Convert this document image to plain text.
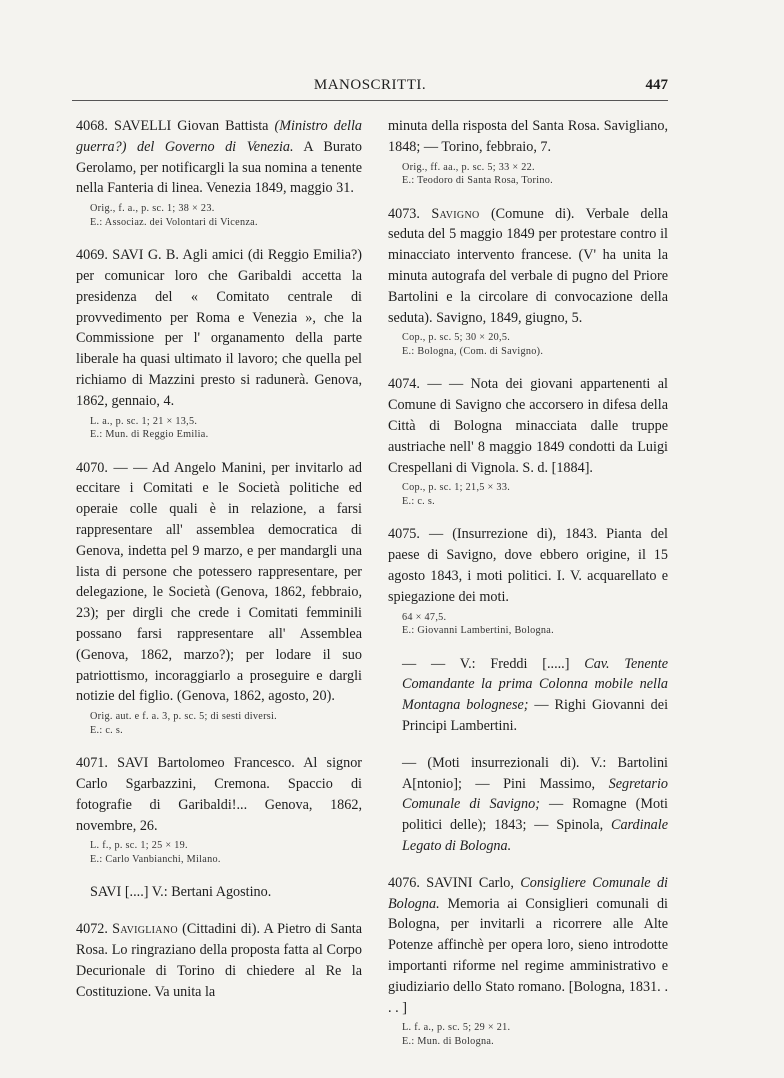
MANOSCRITTI.	447

4068. SAVELLI Giovan Battista (Ministro della guerra?) del Governo di Venezia. A Burato Gerolamo, per notificargli la sua nomina a tenente nella Fanteria di linea. Venezia 1849, maggio 31.

Orig., f. a., p. sc. 1; 38 × 23.
E.: Associaz. dei Volontari di Vicenza.

4069. SAVI G. B. Agli amici (di Reggio Emilia?) per comunicar loro che Garibaldi accetta la presidenza del « Comitato centrale di provvedimento per Roma e Venezia », che la Commissione per l' organamento della parte liberale ha quasi ultimato il lavoro; che quella pel richiamo di Mazzini presto si radunerà. Genova, 1862, gennaio, 4.

L. a., p. sc. 1; 21 × 13,5.
E.: Mun. di Reggio Emilia.

4070. — — Ad Angelo Manini, per invitarlo ad eccitare i Comitati e le Società politiche ed operaie colle quali è in relazione, a farsi rappresentare all' assemblea democratica di Genova, indetta pel 9 marzo, e per mandargli una lista di persone che potessero rappresentare, per delegazione, le Società (Genova, 1862, febbraio, 23); per dirgli che crede i Comitati femminili possano farsi rappresentare all' Assemblea (Genova, 1862, marzo?); per lodare il suo patriottismo, incoraggiarlo a proseguire e dargli notizie del figlio. (Genova, 1862, agosto, 20).

Orig. aut. e f. a. 3, p. sc. 5; di sesti diversi.
E.: c. s.

4071. SAVI Bartolomeo Francesco. Al signor Carlo Sgarbazzini, Cremona. Spaccio di fotografie di Garibaldi!... Genova, 1862, novembre, 26.

L. f., p. sc. 1; 25 × 19.
E.: Carlo Vanbianchi, Milano.
SAVI [....] V.: Bertani Agostino.

4072. Savigliano (Cittadini di). A Pietro di Santa Rosa. Lo ringraziano della proposta fatta al Corpo Decurionale di Torino di chiedere al Re la Costituzione. Va unita la

minuta della risposta del Santa Rosa. Savigliano, 1848; — Torino, febbraio, 7.

Orig., ff. aa., p. sc. 5; 33 × 22.
E.: Teodoro di Santa Rosa, Torino.

4073. Savigno (Comune di). Verbale della seduta del 5 maggio 1849 per protestare contro il minacciato intervento francese. (V' ha unita la minuta autografa del verbale di pugno del Priore Bartolini e la circolare di convocazione della seduta). Savigno, 1849, giugno, 5.

Cop., p. sc. 5; 30 × 20,5.
E.: Bologna, (Com. di Savigno).

4074. — — Nota dei giovani appartenenti al Comune di Savigno che accorsero in difesa della Città di Bologna minacciata dalle truppe austriache nell' 8 maggio 1849 condotti da Luigi Crespellani di Vignola. S. d. [1884].

Cop., p. sc. 1; 21,5 × 33.
E.: c. s.

4075. — (Insurrezione di), 1843. Pianta del paese di Savigno, dove ebbero origine, il 15 agosto 1843, i moti politici. I. V. acquarellato e spiegazione dei moti.

64 × 47,5.
E.: Giovanni Lambertini, Bologna.
— — V.: Freddi [.....] Cav. Tenente Comandante la prima Colonna mobile nella Montagna bolognese; — Righi Giovanni dei Principi Lambertini.
— (Moti insurrezionali di). V.: Bartolini A[ntonio]; — Pini Massimo, Segretario Comunale di Savigno; — Romagne (Moti politici delle); 1843; — Spinola, Cardinale Legato di Bologna.

4076. SAVINI Carlo, Consigliere Comunale di Bologna. Memoria ai Consiglieri comunali di Bologna, per invitarli a ricorrere alle Alte Potenze affinchè per opera loro, sieno introdotte importanti riforme nel regime amministrativo e giudiziario dello Stato romano. [Bologna, 1831. . . . ]

L. f. a., p. sc. 5; 29 × 21.
E.: Mun. di Bologna.
